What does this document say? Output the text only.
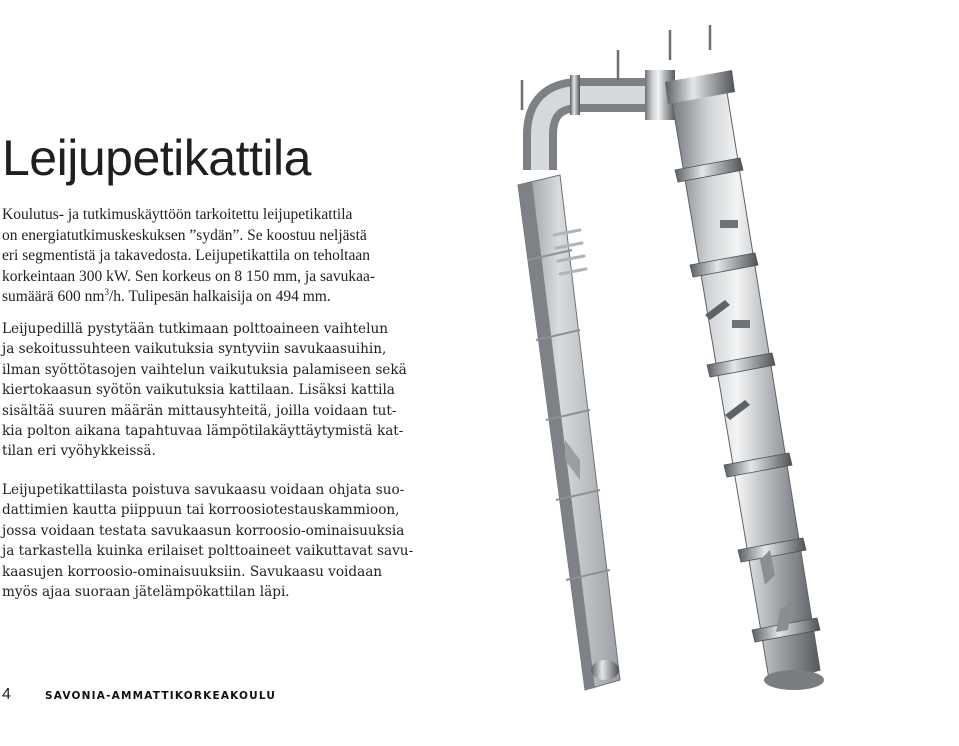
Leijupetikattila
Koulutus- ja tutkimuskäyttöön tarkoitettu leijupetikattila
on energiatutkimuskeskuksen ”sydän”. Se koostuu neljästä
eri segmentistä ja takavedosta. Leijupetikattila on teholtaan
korkeintaan 300 kW. Sen korkeus on 8 150 mm, ja savukaa-
sumäärä 600 $nm^3/h$. Tulipesän halkaisija on 494 mm.
Leijupedillä pystytään tutkimaan polttoaineen vaihtelun
ja sekoitussuhteen vaikutuksia syntyviin savukaasuihin,
ilman syöttötasojen vaihtelun vaikutuksia palamiseen sekä
kiertokaasun syötön vaikutuksia kattilaan. Lisäksi kattila
sisältää suuren määrän mittausyhteitä, joilla voidaan tut-
kia polton aikana tapahtuvaa lämpötilakäyttäytymistä kat-
tilan eri vyöhykkeissä.
Leijupetikattilasta poistuva savukaasu voidaan ohjata suo-
dattimien kautta piippuun tai korroosiotestauskammioon,
jossa voidaan testata savukaasun korroosio-ominaisuuksia
ja tarkastella kuinka erilaiset polttoaineet vaikuttavat savu-
kaasujen korroosio-ominaisuuksiin. Savukaasu voidaan
myös ajaa suoraan jätelämpökattilan läpi.
4	SAVONIA-AMMATTIKORKEAKOULU
